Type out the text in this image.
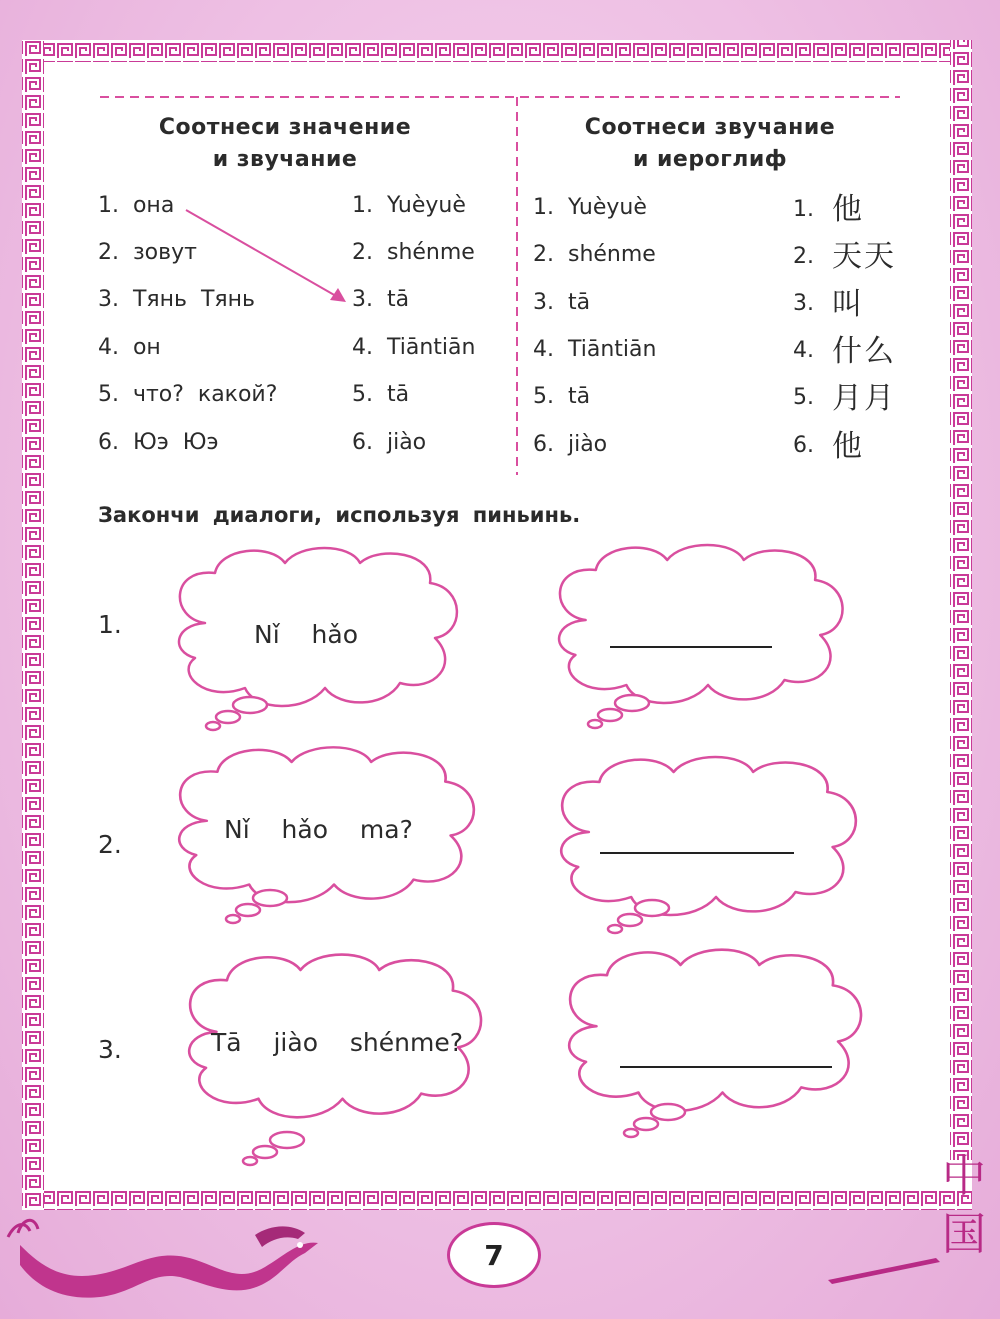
Соотнеси значение
и звучание
1.  она
2.  зовут
3.  Тянь  Тянь
4.  он
5.  что?  какой?
6.  Юэ  Юэ
1.  Yuèyuè
2.  shénme
3.  tā
4.  Tiāntiān
5.  tā
6.  jiào
Соотнеси звучание
и иероглиф
1.  Yuèyuè
2.  shénme
3.  tā
4.  Tiāntiān
5.  tā
6.  jiào
1.
2.
3.
4.
5.
6.
他
天天
叫
什么
月月
他
Закончи диалоги, используя пиньинь.
1.	Nǐ  hǎo
2.
Nǐ  hǎo  ma?
3.	Tā  jiào  shénme?
7
中
国
